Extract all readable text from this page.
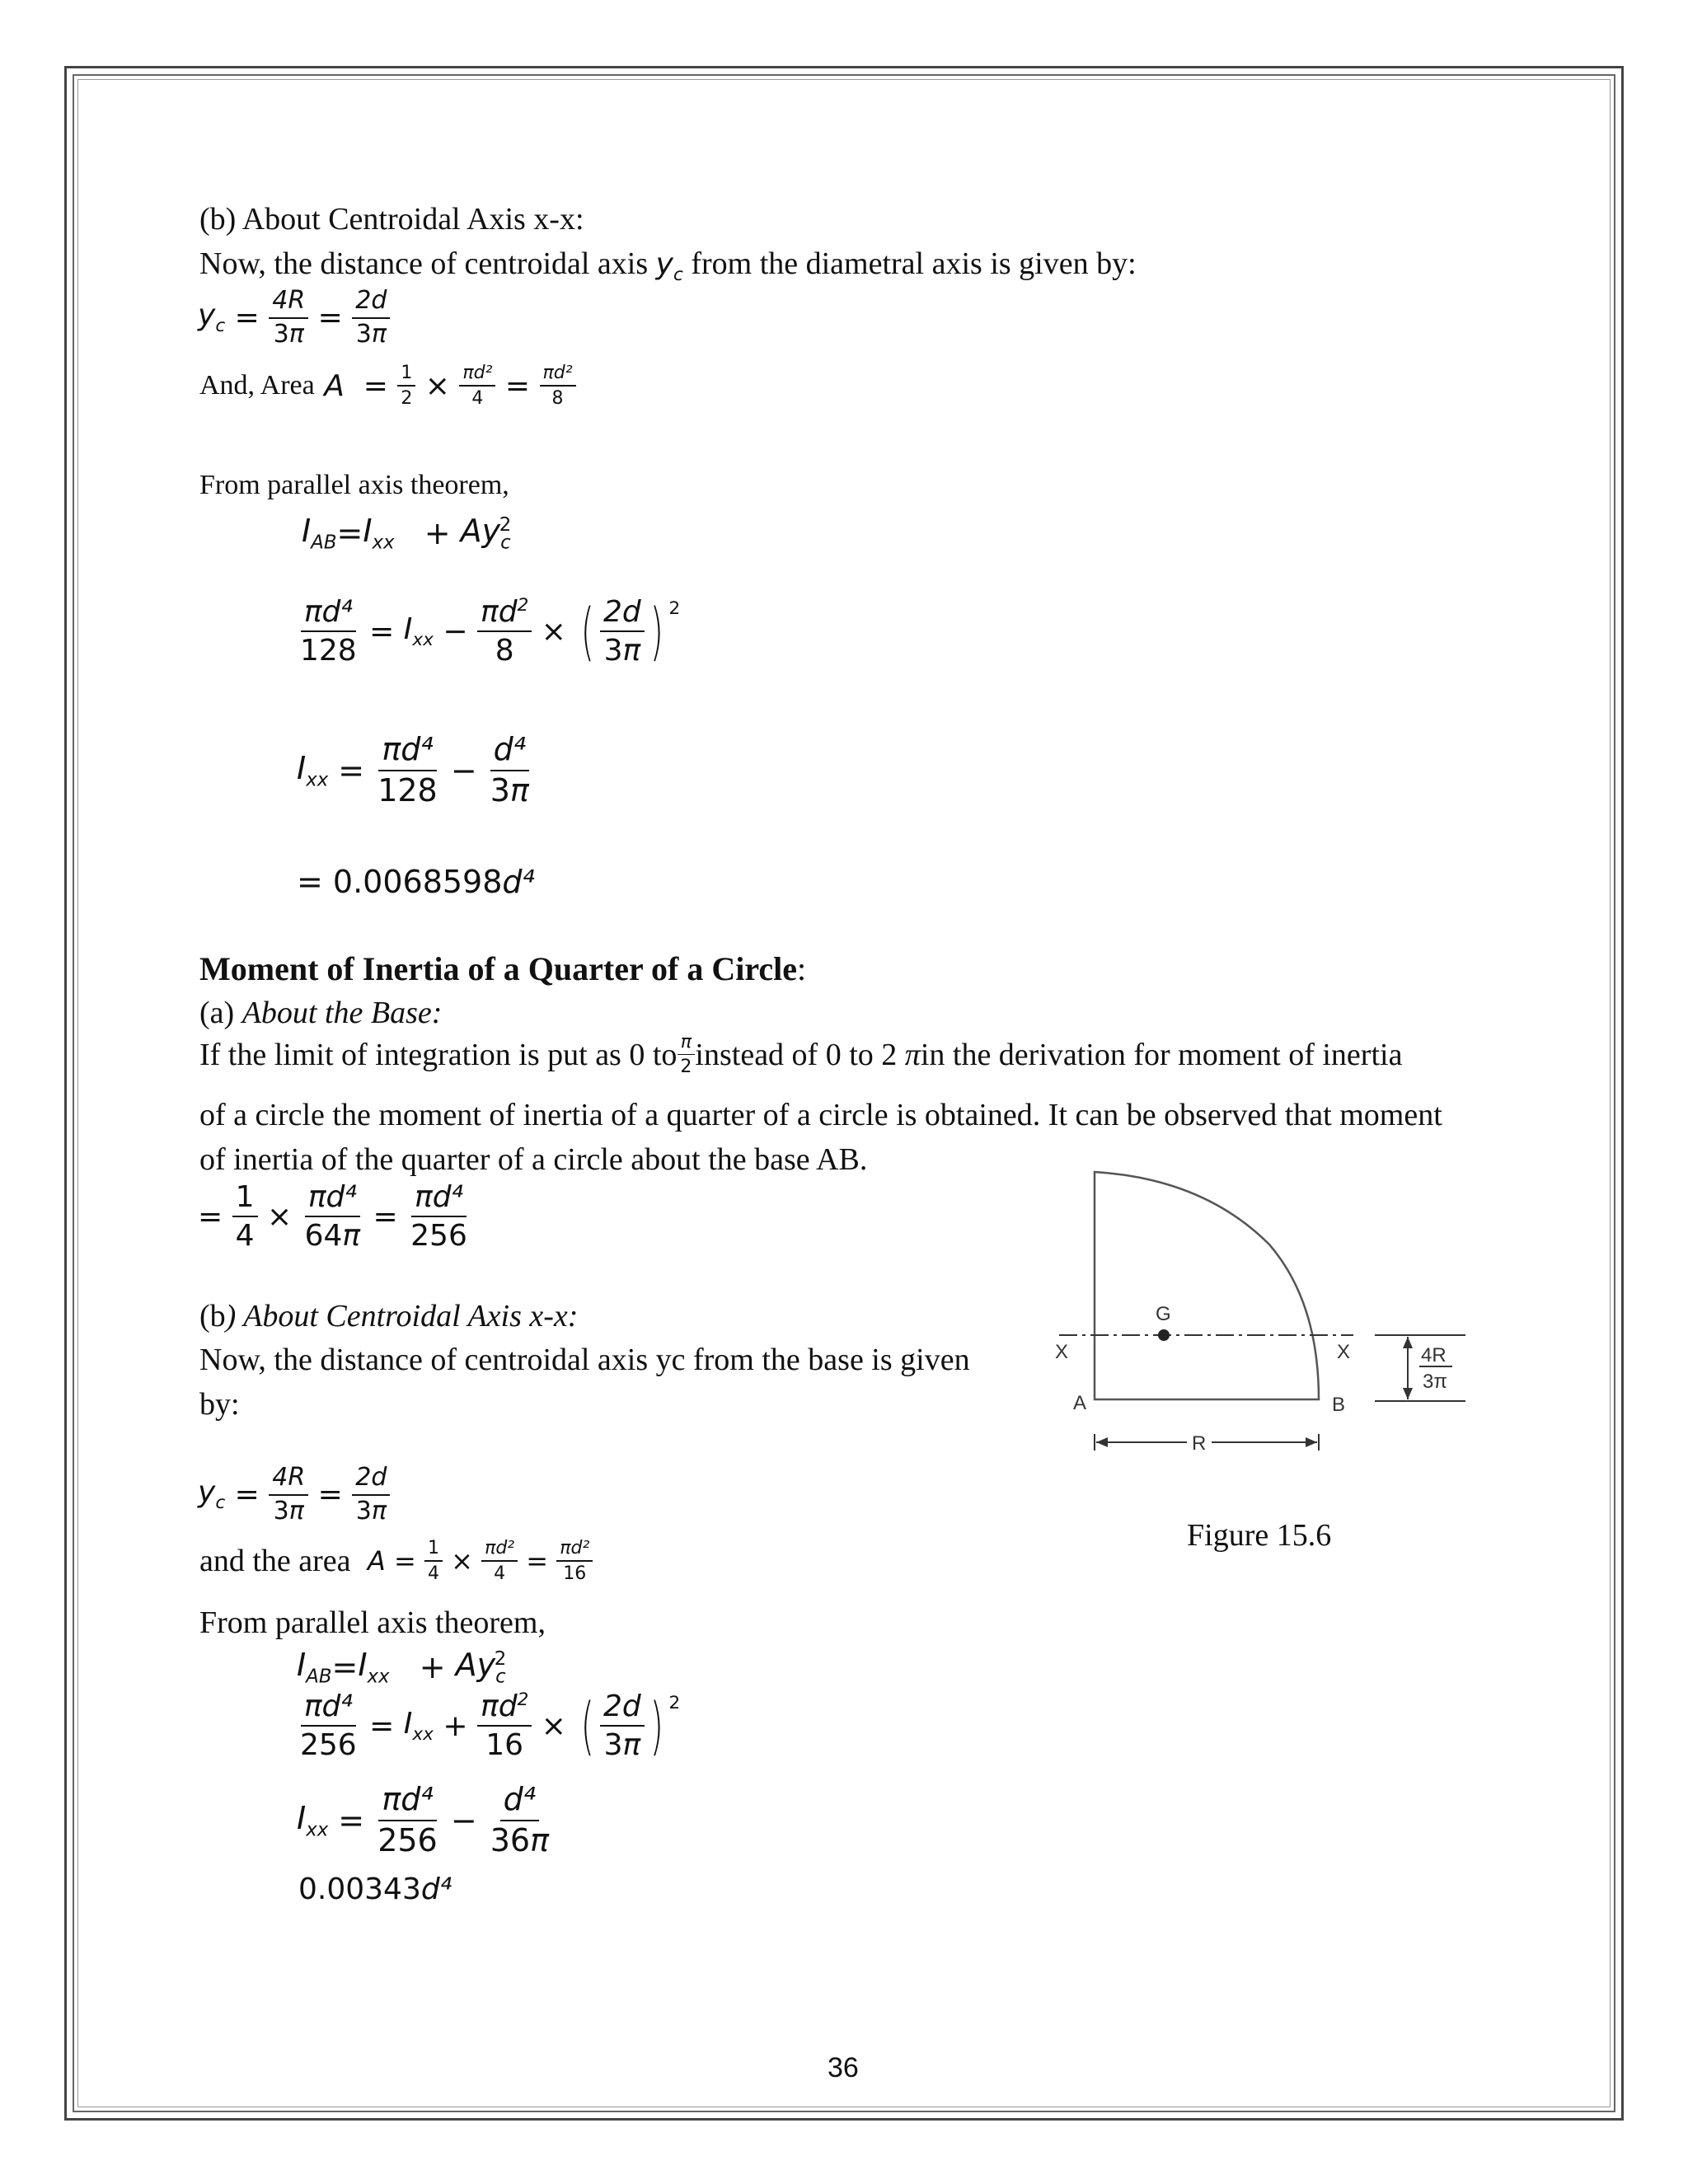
(b) About Centroidal Axis x-x:
Now, the distance of centroidal axis $y_c$ from the diametral axis is given by:
$y_c = \frac{4R}{3\pi} = \frac{2d}{3\pi}$
And, Area
$A = \frac{1}{2} \times \frac{\text{πd²}}{4} = \frac{\text{πd²}}{8}$
From parallel axis theorem,
$I_{AB} = I_{xx} + Ay_c$
$^2$
$\frac{\text{πd⁴}}{128} = I_{xx} - \frac{\pi d^2}{8}$ × ( $\frac{2d}{3\pi}$ ) $^2$
$I_{xx} = \frac{\text{πd⁴}}{128} - \frac{\text{d⁴}}{3\pi}$
= 0.0068598 d⁴
Moment of Inertia of a Quarter of a Circle:
(a) About the Base:
If the limit of integration is put as 0 to $\frac{\pi}{2}$ instead of 0 to 2
π in the derivation for moment of inertia
of a circle the moment of inertia of a quarter of a circle is obtained. It can be observed that moment
of inertia of the quarter of a circle about the base AB.
= $\frac{1}{4} \times \frac{\text{πd⁴}}{64\pi} = \frac{\text{πd⁴}}{256}$
(b) About Centroidal Axis x-x:
Now, the distance of centroidal axis yc from the base is given
by:
$y_c = \frac{4R}{3\pi} = \frac{2d}{3\pi}$
and the area
$A = \frac{1}{4} \times \frac{\text{πd²}}{4} = \frac{\text{πd²}}{16}$
From parallel axis theorem,
$I_{AB} = I_{xx} + Ay_c$
$^2$
$\frac{\text{πd⁴}}{256} = I_{xx} + \frac{\pi d^2}{16}$ × ( $\frac{2d}{3\pi}$ ) $^2$
$I_{xx} = \frac{\text{πd⁴}}{256} - \frac{\text{d⁴}}{36\pi}$
0.00343 d⁴
G
X	X
A	B
R
4R
3π
Figure 15.6
36
